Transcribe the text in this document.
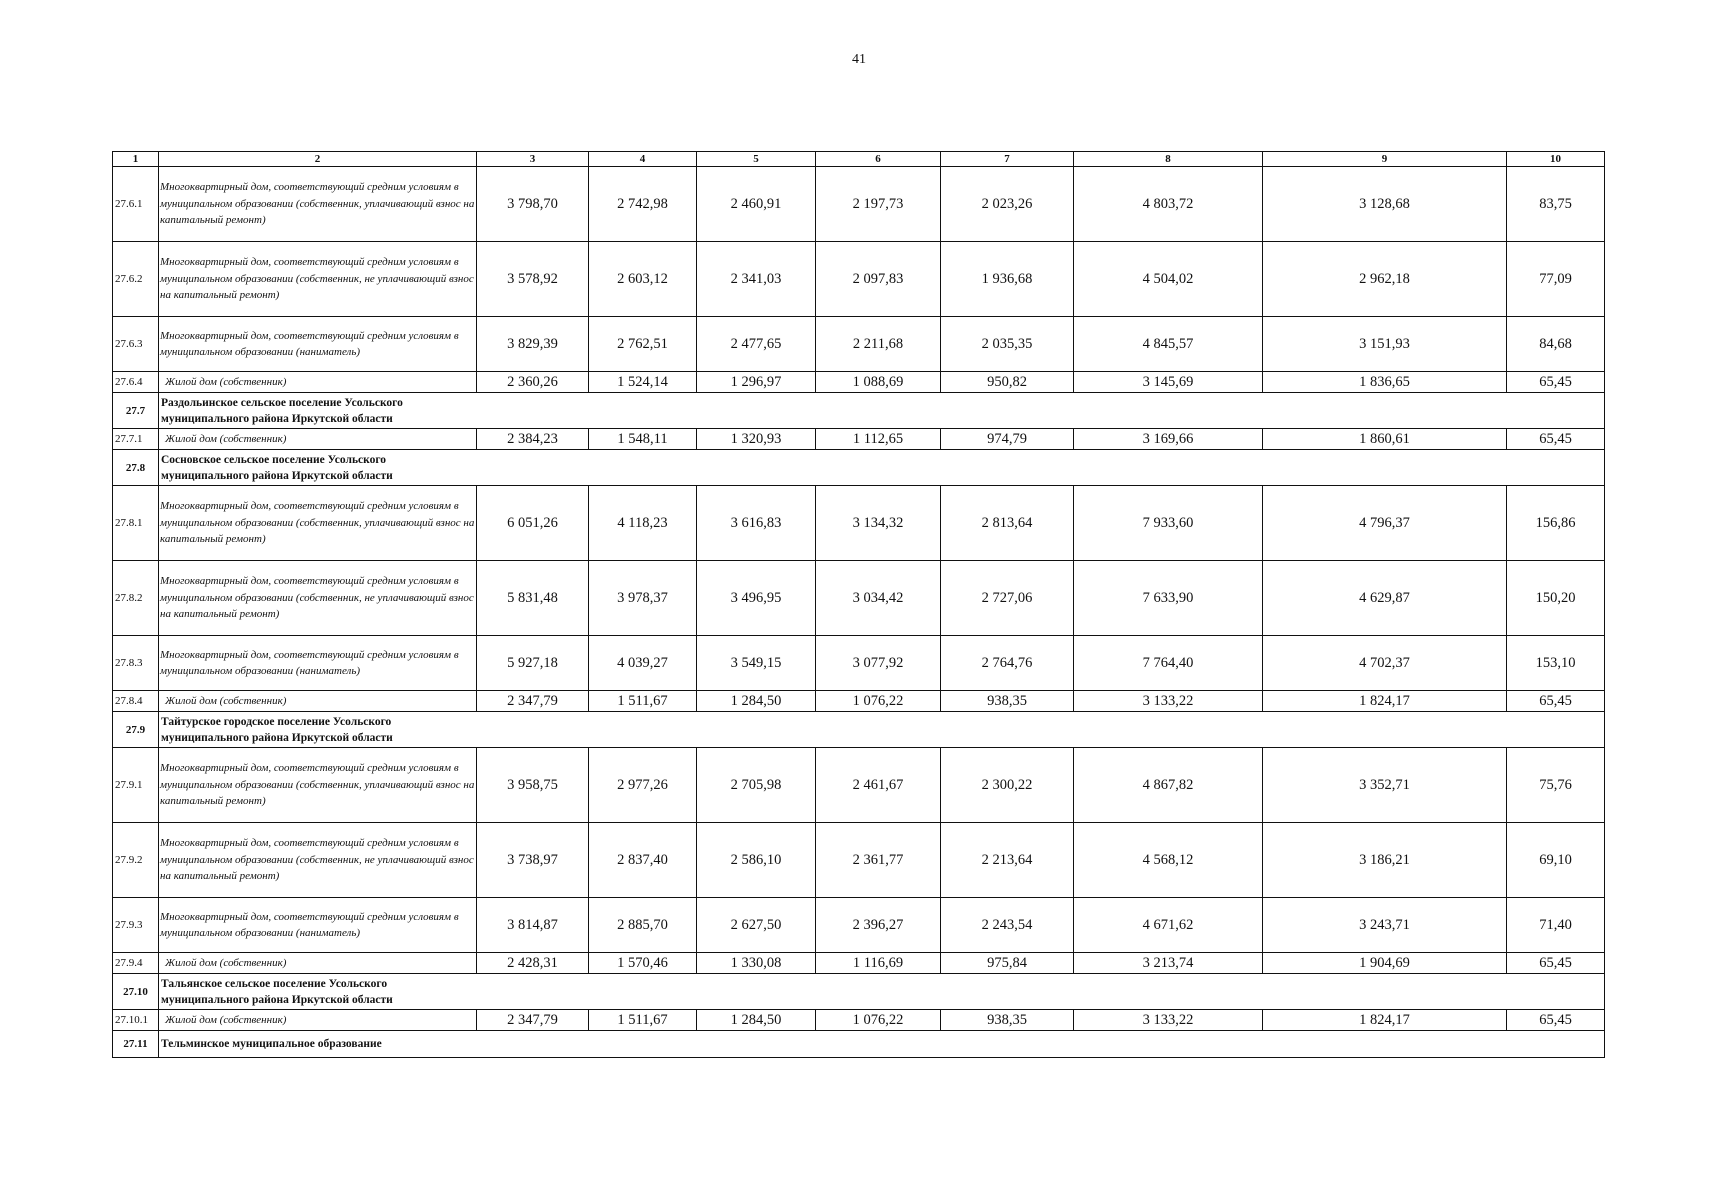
41
1	2	3	4	5	6	7	8	9	10
27.6.1	Многоквартирный дом, соответствующий средним условиям в муниципальном образовании (собственник, уплачивающий взнос на капитальный ремонт)	3 798,70	2 742,98	2 460,91	2 197,73	2 023,26	4 803,72	3 128,68	83,75
27.6.2	Многоквартирный дом, соответствующий средним условиям в муниципальном образовании (собственник, не уплачивающий взнос на капитальный ремонт)	3 578,92	2 603,12	2 341,03	2 097,83	1 936,68	4 504,02	2 962,18	77,09
27.6.3	Многоквартирный дом, соответствующий средним условиям в муниципальном образовании (наниматель)	3 829,39	2 762,51	2 477,65	2 211,68	2 035,35	4 845,57	3 151,93	84,68
27.6.4	Жилой дом (собственник)	2 360,26	1 524,14	1 296,97	1 088,69	950,82	3 145,69	1 836,65	65,45
27.7	Раздольинское сельское поселение Усольского муниципального района Иркутской области								
27.7.1	Жилой дом (собственник)	2 384,23	1 548,11	1 320,93	1 112,65	974,79	3 169,66	1 860,61	65,45
27.8	Сосновское сельское поселение Усольского муниципального района Иркутской области								
27.8.1	Многоквартирный дом, соответствующий средним условиям в муниципальном образовании (собственник, уплачивающий взнос на капитальный ремонт)	6 051,26	4 118,23	3 616,83	3 134,32	2 813,64	7 933,60	4 796,37	156,86
27.8.2	Многоквартирный дом, соответствующий средним условиям в муниципальном образовании (собственник, не уплачивающий взнос на капитальный ремонт)	5 831,48	3 978,37	3 496,95	3 034,42	2 727,06	7 633,90	4 629,87	150,20
27.8.3	Многоквартирный дом, соответствующий средним условиям в муниципальном образовании (наниматель)	5 927,18	4 039,27	3 549,15	3 077,92	2 764,76	7 764,40	4 702,37	153,10
27.8.4	Жилой дом (собственник)	2 347,79	1 511,67	1 284,50	1 076,22	938,35	3 133,22	1 824,17	65,45
27.9	Тайтурское городское поселение Усольского муниципального района Иркутской области								
27.9.1	Многоквартирный дом, соответствующий средним условиям в муниципальном образовании (собственник, уплачивающий взнос на капитальный ремонт)	3 958,75	2 977,26	2 705,98	2 461,67	2 300,22	4 867,82	3 352,71	75,76
27.9.2	Многоквартирный дом, соответствующий средним условиям в муниципальном образовании (собственник, не уплачивающий взнос на капитальный ремонт)	3 738,97	2 837,40	2 586,10	2 361,77	2 213,64	4 568,12	3 186,21	69,10
27.9.3	Многоквартирный дом, соответствующий средним условиям в муниципальном образовании (наниматель)	3 814,87	2 885,70	2 627,50	2 396,27	2 243,54	4 671,62	3 243,71	71,40
27.9.4	Жилой дом (собственник)	2 428,31	1 570,46	1 330,08	1 116,69	975,84	3 213,74	1 904,69	65,45
27.10	Тальянское сельское поселение Усольского муниципального района Иркутской области								
27.10.1	Жилой дом (собственник)	2 347,79	1 511,67	1 284,50	1 076,22	938,35	3 133,22	1 824,17	65,45
27.11	Тельминское муниципальное образование								
